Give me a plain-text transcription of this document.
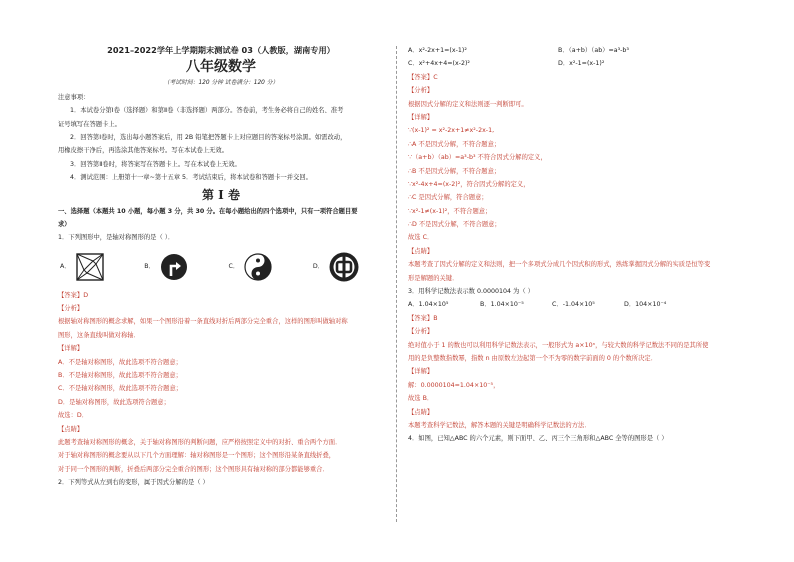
2021–2022学年上学期期末测试卷 03（人教版，湖南专用）
八年级数学
（考试时间：120 分钟 试卷满分：120 分）
注意事项：
1．本试卷分第Ⅰ卷（选择题）和第Ⅱ卷（非选择题）两部分。答卷前，考生务必将自己的姓名、准考
证号填写在答题卡上。
2．回答第Ⅰ卷时，选出每小题答案后，用 2B 铅笔把答题卡上对应题目的答案标号涂黑。如需改动，
用橡皮擦干净后，再选涂其他答案标号。写在本试卷上无效。
3．回答第Ⅱ卷时，将答案写在答题卡上。写在本试卷上无效。
4．测试范围：上册第十一章~第十五章 5．考试结束后，将本试卷和答题卡一并交回。
第 Ⅰ 卷
一、选择题（本题共 10 小题，每小题 3 分，共 30 分。在每小题给出的四个选项中，只有一项符合题目要
求）
1．下列图形中，是轴对称图形的是（ ）．
A．	B．	C．	D．
【答案】D
【分析】
根据轴对称图形的概念求解，如果一个图形沿着一条直线对折后两部分完全重合，这样的图形叫做轴对称
图形，这条直线叫做对称轴．
【详解】
A．不是轴对称图形，故此选项不符合题意；
B．不是轴对称图形，故此选项不符合题意；
C．不是轴对称图形，故此选项不符合题意；
D．是轴对称图形，故此选项符合题意；
故选：D．
【点睛】
此题考查轴对称图形的概念，关于轴对称图形的判断问题，应严格按照定义中的对折、重合两个方面．
对于轴对称图形的概念要从以下几个方面理解：轴对称图形是一个图形；这个图形沿某条直线折叠，
对于同一个图形的判断，折叠后两部分完全重合的图形；这个图形具有轴对称的部分都能够重合．
2．下列等式从左到右的变形，属于因式分解的是（ ）
A．x²-2x+1=(x-1)²	B．（a+b）（ab）=a³-b³
C．x²+4x+4=(x-2)²	D．x²-1=(x-1)²
【答案】C
【分析】
根据因式分解的定义和法则逐一判断即可。
【详解】
∵(x-1)² = x²-2x+1≠x²-2x-1,
∴A 不是因式分解，不符合题意；
∵（a+b）（ab）=a³-b³ 不符合因式分解的定义，
∴B 不是因式分解，不符合题意；
∵x²-4x+4=(x-2)²，符合因式分解的定义，
∴C 是因式分解，符合题意；
∵x²-1≠(x-1)²，不符合题意；
∴D 不是因式分解，不符合题意；
故选 C．
【点睛】
本题考查了因式分解的定义和法则，把一个多项式分成几个因式积的形式，熟练掌握因式分解的实质是恒等变
形是解题的关键．
3．用科学记数法表示数 0.0000104 为（ ）
A．1.04×10⁵	B．1.04×10⁻⁵	C．-1.04×10⁵	D．104×10⁻⁴
【答案】B
【分析】
绝对值小于 1 的数也可以利用科学记数法表示，一般形式为 a×10ⁿ，与较大数的科学记数法不同的是其所使
用的是负整数指数幂，指数 n 由原数左边起第一个不为零的数字前面的 0 的个数所决定．
【详解】
解：0.0000104=1.04×10⁻⁵，
故选 B．
【点睛】
本题考查科学记数法，解答本题的关键是明确科学记数法的方法．
4．如图，已知△ABC 的六个元素，则下面甲、乙、丙三个三角形和△ABC 全等的图形是（ ）
